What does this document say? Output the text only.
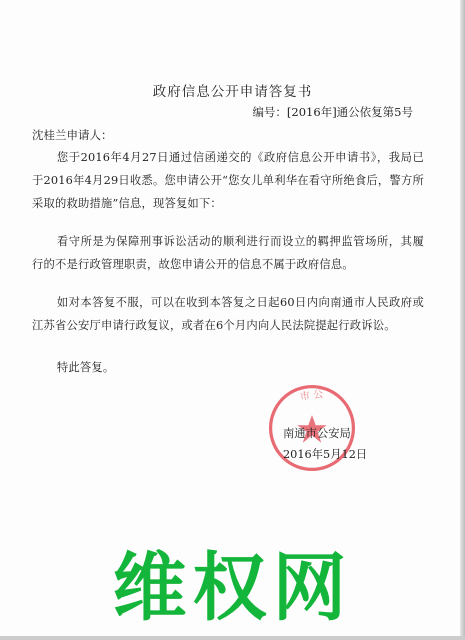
政府信息公开申请答复书
编号：[2016年]通公依复第5号
沈桂兰申请人：
您于2016年4月27日通过信函递交的《政府信息公开申请书》，我局已于2016年4月29日收悉。您申请公开“您女儿单利华在看守所绝食后，警方所采取的救助措施”信息，现答复如下：
看守所是为保障刑事诉讼活动的顺利进行而设立的羁押监管场所，其履行的不是行政管理职责，故您申请公开的信息不属于政府信息。
如对本答复不服，可以在收到本答复之日起60日内向南通市人民政府或江苏省公安厅申请行政复议，或者在6个月内向人民法院提起行政诉讼。
特此答复。
市 公
南通市公安局
2016年5月12日
维权网
